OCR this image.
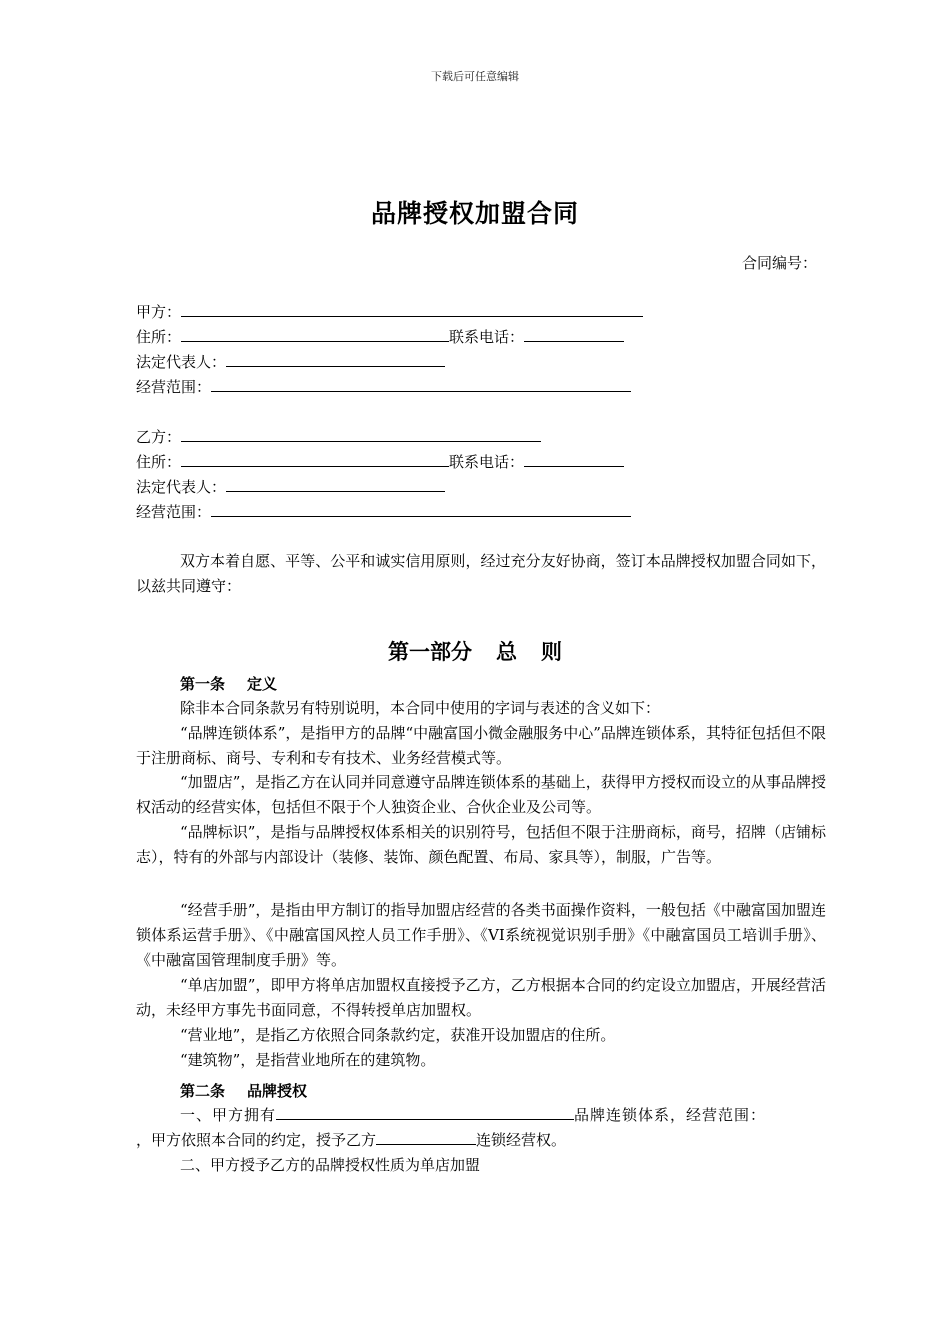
下载后可任意编辑
品牌授权加盟合同
合同编号：
甲方：
住所：	联系电话：
法定代表人：
经营范围：
乙方：
住所：	联系电话：
法定代表人：
经营范围：
双方本着自愿、平等、公平和诚实信用原则，经过充分友好协商，签订本品牌授权加盟合同如下，以兹共同遵守：
第一部分 总 则
第一条 定义
除非本合同条款另有特别说明，本合同中使用的字词与表述的含义如下：
“品牌连锁体系”，是指甲方的品牌“中融富国小微金融服务中心”品牌连锁体系，其特征包括但不限于注册商标、商号、专利和专有技术、业务经营模式等。
“加盟店”，是指乙方在认同并同意遵守品牌连锁体系的基础上，获得甲方授权而设立的从事品牌授权活动的经营实体，包括但不限于个人独资企业、合伙企业及公司等。
“品牌标识”，是指与品牌授权体系相关的识别符号，包括但不限于注册商标，商号，招牌（店铺标志），特有的外部与内部设计（装修、装饰、颜色配置、布局、家具等），制服，广告等。
“经营手册”，是指由甲方制订的指导加盟店经营的各类书面操作资料，一般包括《中融富国加盟连锁体系运营手册》、《中融富国风控人员工作手册》、《VI系统视觉识别手册》《中融富国员工培训手册》、《中融富国管理制度手册》等。
“单店加盟”，即甲方将单店加盟权直接授予乙方，乙方根据本合同的约定设立加盟店，开展经营活动，未经甲方事先书面同意，不得转授单店加盟权。
“营业地”，是指乙方依照合同条款约定，获准开设加盟店的住所。
“建筑物”，是指营业地所在的建筑物。
第二条 品牌授权
一、甲方拥有	品牌连锁体系，经营范围：
，甲方依照本合同的约定，授予乙方	连锁经营权。
二、甲方授予乙方的品牌授权性质为单店加盟
